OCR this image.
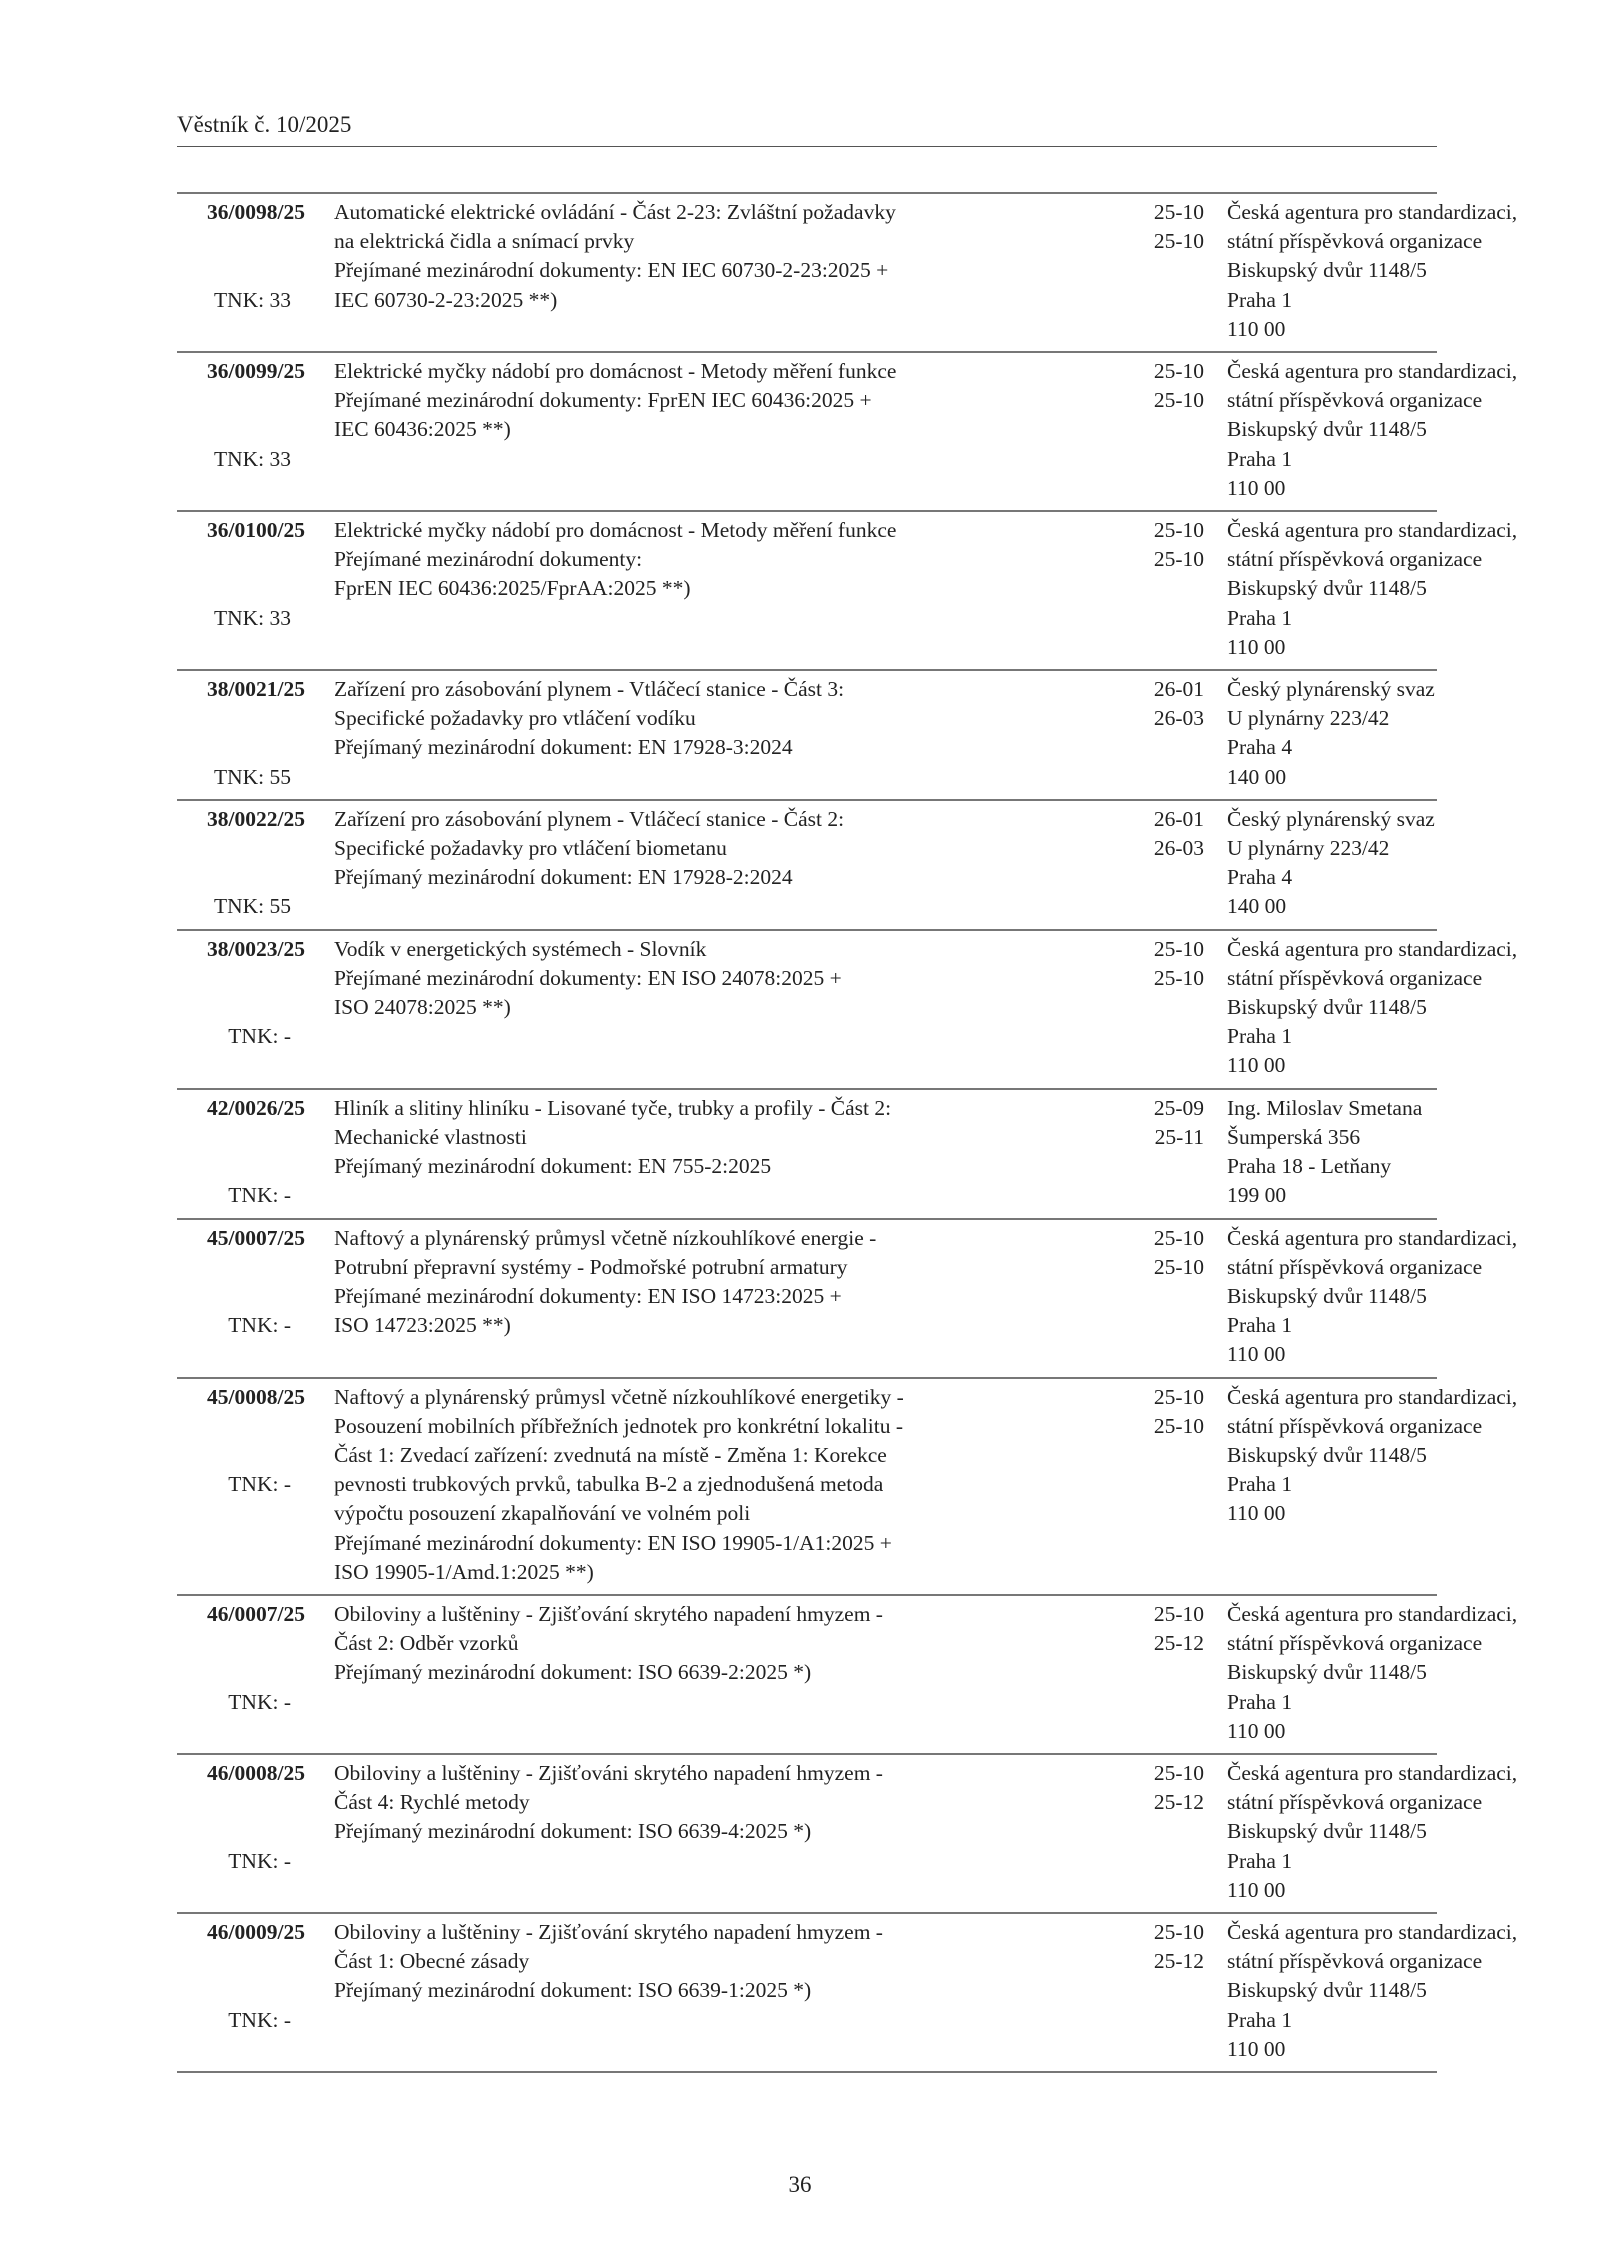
Věstník č. 10/2025
36/0098/25
TNK: 33
Automatické elektrické ovládání - Část 2-23: Zvláštní požadavky
na elektrická čidla a snímací prvky
Přejímané mezinárodní dokumenty: EN IEC 60730-2-23:2025 +
IEC 60730-2-23:2025 **)
25-10
25-10
Česká agentura pro standardizaci,
státní příspěvková organizace
Biskupský dvůr 1148/5
Praha 1
110 00
36/0099/25
TNK: 33
Elektrické myčky nádobí pro domácnost - Metody měření funkce
Přejímané mezinárodní dokumenty: FprEN IEC 60436:2025 +
IEC 60436:2025 **)
25-10
25-10
Česká agentura pro standardizaci,
státní příspěvková organizace
Biskupský dvůr 1148/5
Praha 1
110 00
36/0100/25
TNK: 33
Elektrické myčky nádobí pro domácnost - Metody měření funkce
Přejímané mezinárodní dokumenty:
FprEN IEC 60436:2025/FprAA:2025 **)
25-10
25-10
Česká agentura pro standardizaci,
státní příspěvková organizace
Biskupský dvůr 1148/5
Praha 1
110 00
38/0021/25
TNK: 55
Zařízení pro zásobování plynem - Vtláčecí stanice - Část 3:
Specifické požadavky pro vtláčení vodíku
Přejímaný mezinárodní dokument: EN 17928-3:2024
26-01
26-03
Český plynárenský svaz
U plynárny 223/42
Praha 4
140 00
38/0022/25
TNK: 55
Zařízení pro zásobování plynem - Vtláčecí stanice - Část 2:
Specifické požadavky pro vtláčení biometanu
Přejímaný mezinárodní dokument: EN 17928-2:2024
26-01
26-03
Český plynárenský svaz
U plynárny 223/42
Praha 4
140 00
38/0023/25
TNK: -
Vodík v energetických systémech - Slovník
Přejímané mezinárodní dokumenty: EN ISO 24078:2025 +
ISO 24078:2025 **)
25-10
25-10
Česká agentura pro standardizaci,
státní příspěvková organizace
Biskupský dvůr 1148/5
Praha 1
110 00
42/0026/25
TNK: -
Hliník a slitiny hliníku - Lisované tyče, trubky a profily - Část 2:
Mechanické vlastnosti
Přejímaný mezinárodní dokument: EN 755-2:2025
25-09
25-11
Ing. Miloslav Smetana
Šumperská 356
Praha 18 - Letňany
199 00
45/0007/25
TNK: -
Naftový a plynárenský průmysl včetně nízkouhlíkové energie -
Potrubní přepravní systémy - Podmořské potrubní armatury
Přejímané mezinárodní dokumenty: EN ISO 14723:2025 +
ISO 14723:2025 **)
25-10
25-10
Česká agentura pro standardizaci,
státní příspěvková organizace
Biskupský dvůr 1148/5
Praha 1
110 00
45/0008/25
TNK: -
Naftový a plynárenský průmysl včetně nízkouhlíkové energetiky -
Posouzení mobilních příbřežních jednotek pro konkrétní lokalitu -
Část 1: Zvedací zařízení: zvednutá na místě - Změna 1: Korekce
pevnosti trubkových prvků, tabulka B-2 a zjednodušená metoda
výpočtu posouzení zkapalňování ve volném poli
Přejímané mezinárodní dokumenty: EN ISO 19905-1/A1:2025 +
ISO 19905-1/Amd.1:2025 **)
25-10
25-10
Česká agentura pro standardizaci,
státní příspěvková organizace
Biskupský dvůr 1148/5
Praha 1
110 00
46/0007/25
TNK: -
Obiloviny a luštěniny - Zjišťování skrytého napadení hmyzem -
Část 2: Odběr vzorků
Přejímaný mezinárodní dokument: ISO 6639-2:2025 *)
25-10
25-12
Česká agentura pro standardizaci,
státní příspěvková organizace
Biskupský dvůr 1148/5
Praha 1
110 00
46/0008/25
TNK: -
Obiloviny a luštěniny - Zjišťováni skrytého napadení hmyzem -
Část 4: Rychlé metody
Přejímaný mezinárodní dokument: ISO 6639-4:2025 *)
25-10
25-12
Česká agentura pro standardizaci,
státní příspěvková organizace
Biskupský dvůr 1148/5
Praha 1
110 00
46/0009/25
TNK: -
Obiloviny a luštěniny - Zjišťování skrytého napadení hmyzem -
Část 1: Obecné zásady
Přejímaný mezinárodní dokument: ISO 6639-1:2025 *)
25-10
25-12
Česká agentura pro standardizaci,
státní příspěvková organizace
Biskupský dvůr 1148/5
Praha 1
110 00
36
